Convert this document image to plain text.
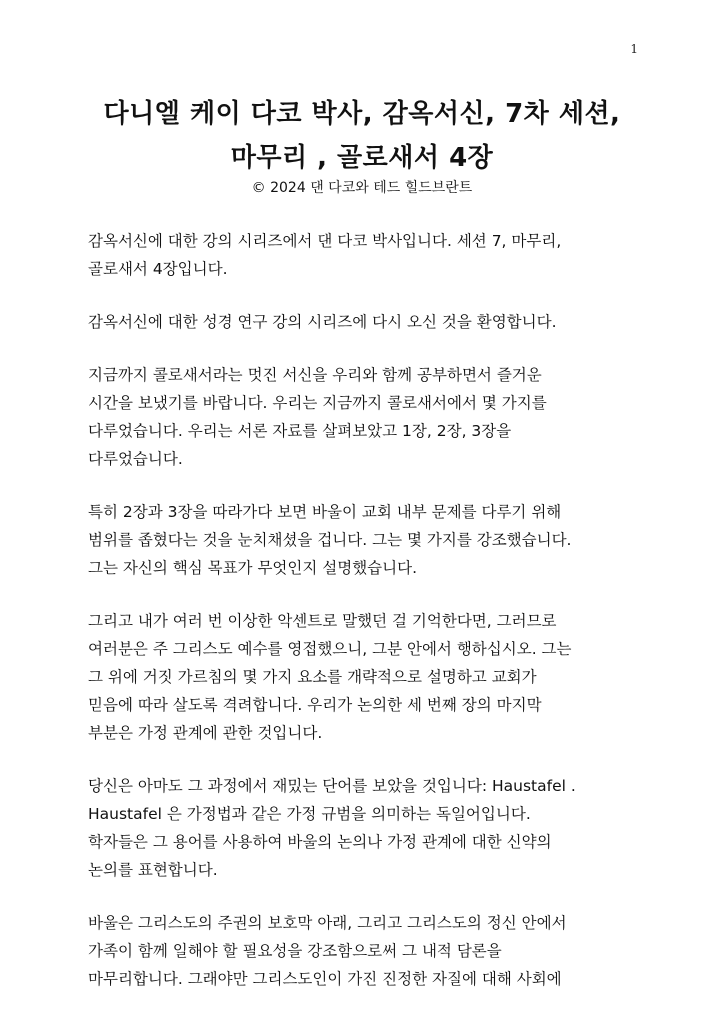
1
다니엘 케이 다코 박사, 감옥서신, 7차 세션,
마무리 , 골로새서 4장
© 2024 댄 다코와 테드 힐드브란트

감옥서신에 대한 강의 시리즈에서 댄 다코 박사입니다. 세션 7, 마무리,
골로새서 4장입니다.

감옥서신에 대한 성경 연구 강의 시리즈에 다시 오신 것을 환영합니다.

지금까지 콜로새서라는 멋진 서신을 우리와 함께 공부하면서 즐거운
시간을 보냈기를 바랍니다. 우리는 지금까지 콜로새서에서 몇 가지를
다루었습니다. 우리는 서론 자료를 살펴보았고 1장, 2장, 3장을
다루었습니다.

특히 2장과 3장을 따라가다 보면 바울이 교회 내부 문제를 다루기 위해
범위를 좁혔다는 것을 눈치채셨을 겁니다. 그는 몇 가지를 강조했습니다.
그는 자신의 핵심 목표가 무엇인지 설명했습니다.

그리고 내가 여러 번 이상한 악센트로 말했던 걸 기억한다면, 그러므로
여러분은 주 그리스도 예수를 영접했으니, 그분 안에서 행하십시오. 그는
그 위에 거짓 가르침의 몇 가지 요소를 개략적으로 설명하고 교회가
믿음에 따라 살도록 격려합니다. 우리가 논의한 세 번째 장의 마지막
부분은 가정 관계에 관한 것입니다.

당신은 아마도 그 과정에서 재밌는 단어를 보았을 것입니다: Haustafel .
Haustafel 은 가정법과 같은 가정 규범을 의미하는 독일어입니다.
학자들은 그 용어를 사용하여 바울의 논의나 가정 관계에 대한 신약의
논의를 표현합니다.

바울은 그리스도의 주권의 보호막 아래, 그리고 그리스도의 정신 안에서
가족이 함께 일해야 할 필요성을 강조함으로써 그 내적 담론을
마무리합니다. 그래야만 그리스도인이 가진 진정한 자질에 대해 사회에
